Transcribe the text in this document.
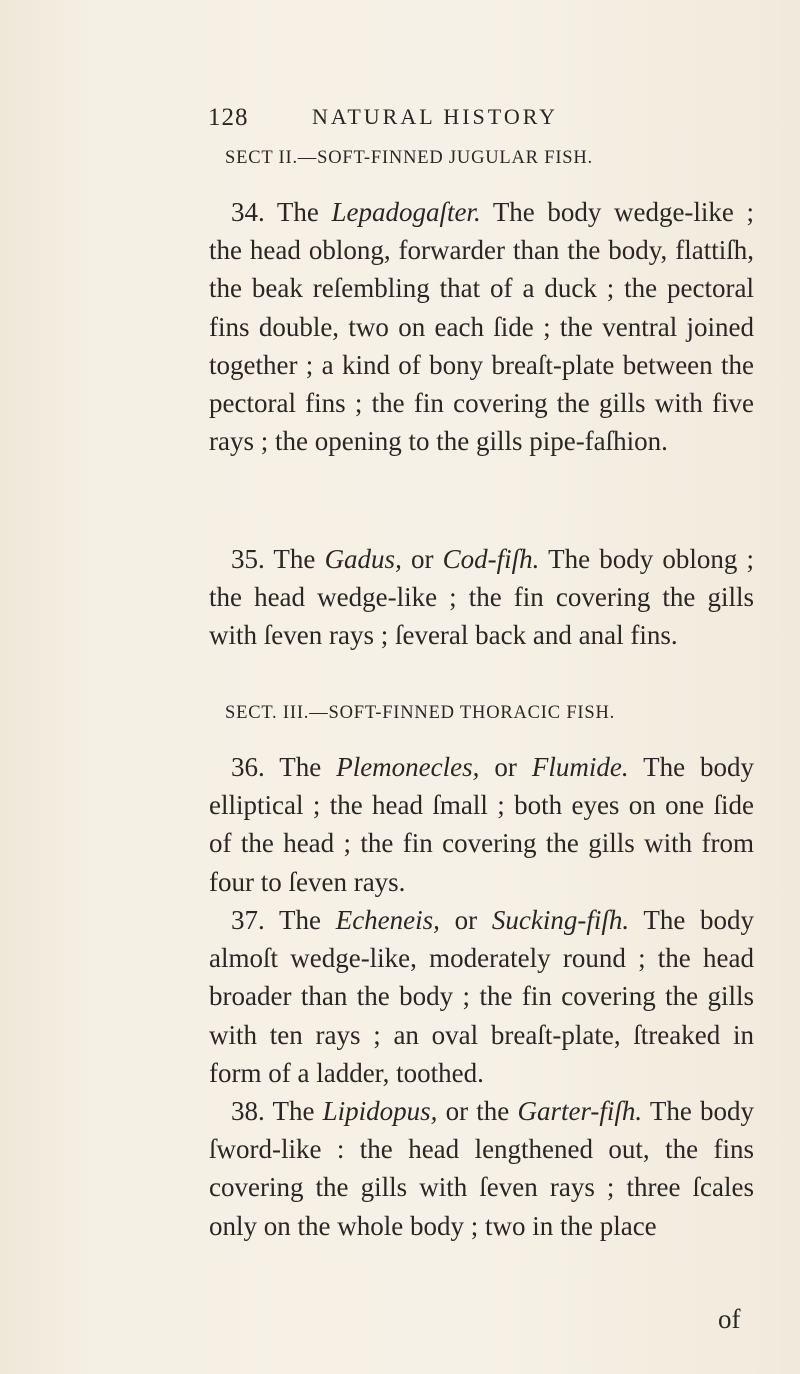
128	NATURAL HISTORY
SECT II.—SOFT-FINNED JUGULAR FISH.

34. The Lepadogaſter. The body wedge-like ; the head oblong, forwarder than the body, flattiſh, the beak reſembling that of a duck ; the pectoral fins double, two on each ſide ; the ventral joined together ; a kind of bony breaſt-plate between the pectoral fins ; the fin covering the gills with five rays ; the opening to the gills pipe-faſhion.

35. The Gadus, or Cod-fiſh. The body oblong ; the head wedge-like ; the fin covering the gills with ſeven rays ; ſeveral back and anal fins.

SECT. III.—SOFT-FINNED THORACIC FISH.

36. The Plemonecles, or Flumide. The body elliptical ; the head ſmall ; both eyes on one ſide of the head ; the fin covering the gills with from four to ſeven rays.

37. The Echeneis, or Sucking-fiſh. The body almoſt wedge-like, moderately round ; the head broader than the body ; the fin covering the gills with ten rays ; an oval breaſt-plate, ſtreaked in form of a ladder, toothed.

38. The Lipidopus, or the Garter-fiſh. The body ſword-like : the head lengthened out, the fins covering the gills with ſeven rays ; three ſcales only on the whole body ; two in the place

of
